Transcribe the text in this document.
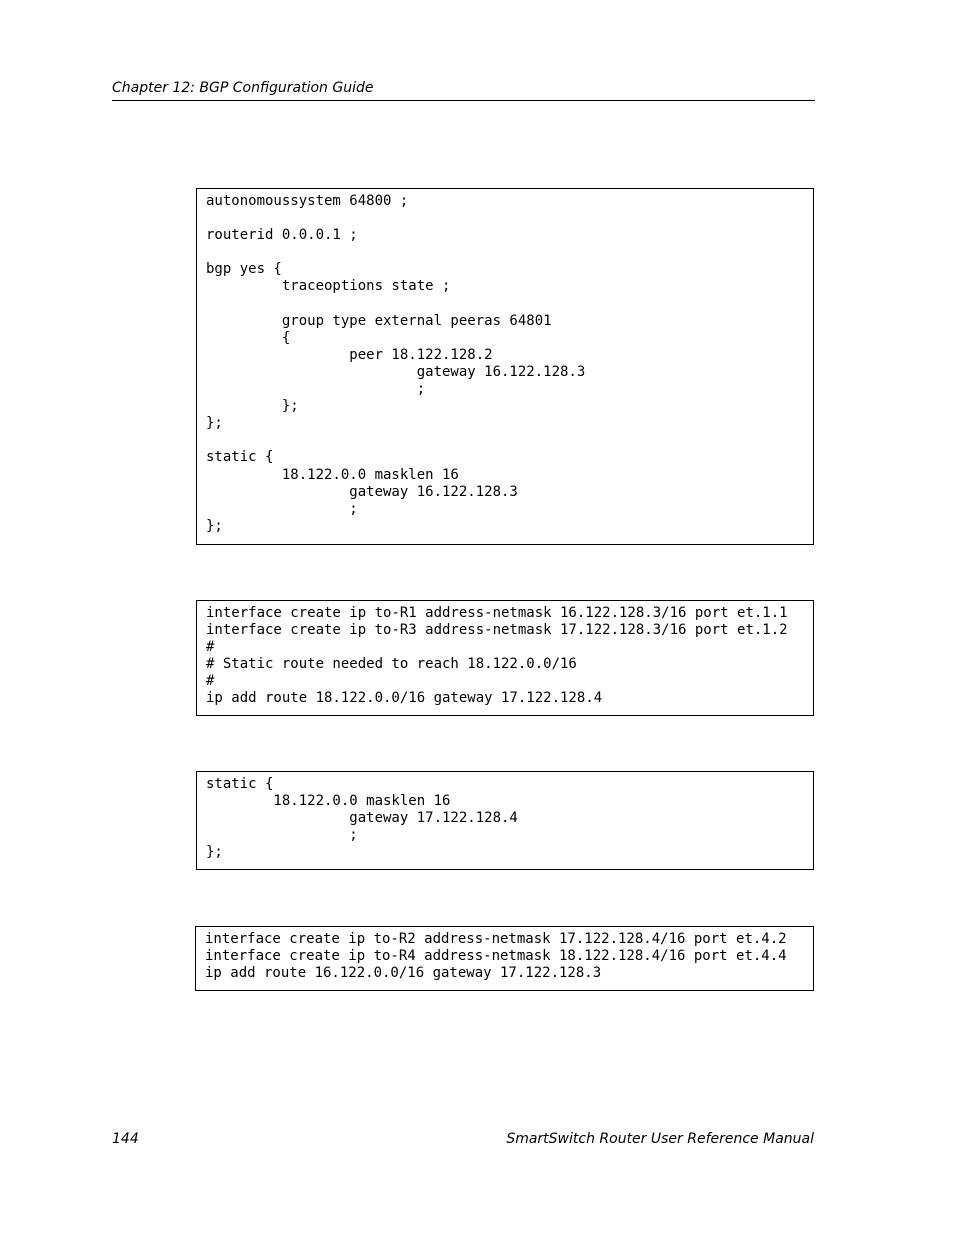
Chapter 12: BGP Configuration Guide
autonomoussystem 64800 ;

routerid 0.0.0.1 ;

bgp yes {
traceoptions state ;

group type external peeras 64801
{
peer 18.122.128.2
gateway 16.122.128.3
;
};
};

static {
18.122.0.0 masklen 16
gateway 16.122.128.3
;
};
interface create ip to-R1 address-netmask 16.122.128.3/16 port et.1.1
interface create ip to-R3 address-netmask 17.122.128.3/16 port et.1.2
#
# Static route needed to reach 18.122.0.0/16
#
ip add route 18.122.0.0/16 gateway 17.122.128.4
static {
18.122.0.0 masklen 16
gateway 17.122.128.4
;
};
interface create ip to-R2 address-netmask 17.122.128.4/16 port et.4.2
interface create ip to-R4 address-netmask 18.122.128.4/16 port et.4.4
ip add route 16.122.0.0/16 gateway 17.122.128.3
144	SmartSwitch Router User Reference Manual
